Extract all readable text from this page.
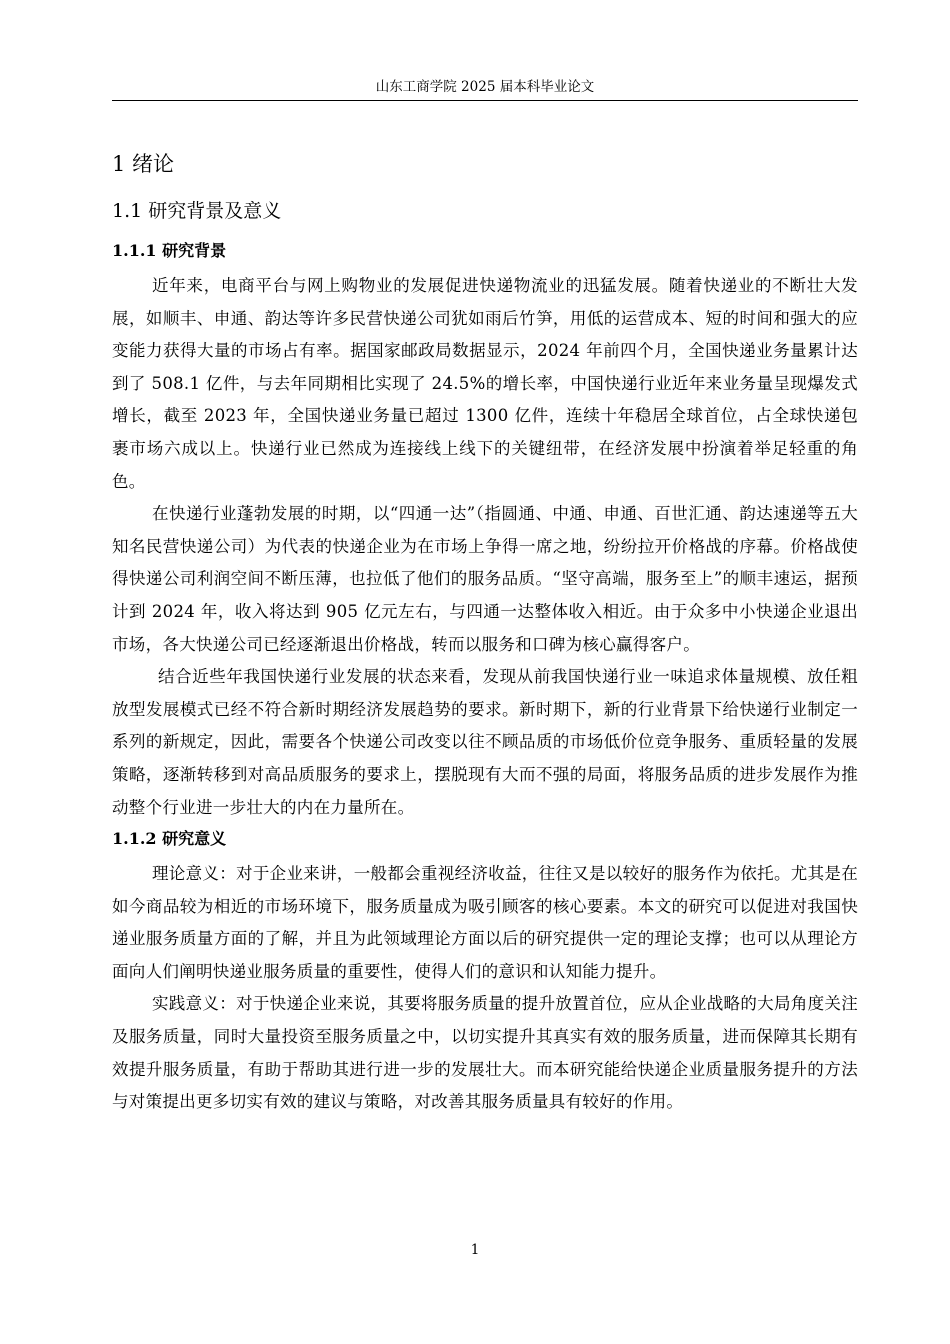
山东工商学院 2025 届本科毕业论文
1 绪论
1.1 研究背景及意义
1.1.1 研究背景

近年来，电商平台与网上购物业的发展促进快递物流业的迅猛发展。随着快递业的不断壮大发展，如顺丰、申通、韵达等许多民营快递公司犹如雨后竹笋，用低的运营成本、短的时间和强大的应变能力获得大量的市场占有率。据国家邮政局数据显示，2024 年前四个月，全国快递业务量累计达到了 508.1 亿件，与去年同期相比实现了 24.5%的增长率，中国快递行业近年来业务量呈现爆发式增长，截至 2023 年，全国快递业务量已超过 1300 亿件，连续十年稳居全球首位，占全球快递包裹市场六成以上。快递行业已然成为连接线上线下的关键纽带，在经济发展中扮演着举足轻重的角色。

在快递行业蓬勃发展的时期，以“四通一达”（指圆通、中通、申通、百世汇通、韵达速递等五大知名民营快递公司）为代表的快递企业为在市场上争得一席之地，纷纷拉开价格战的序幕。价格战使得快递公司利润空间不断压薄，也拉低了他们的服务品质。“坚守高端，服务至上”的顺丰速运，据预计到 2024 年，收入将达到 905 亿元左右，与四通一达整体收入相近。由于众多中小快递企业退出市场，各大快递公司已经逐渐退出价格战，转而以服务和口碑为核心赢得客户。

结合近些年我国快递行业发展的状态来看，发现从前我国快递行业一味追求体量规模、放任粗放型发展模式已经不符合新时期经济发展趋势的要求。新时期下，新的行业背景下给快递行业制定一系列的新规定，因此，需要各个快递公司改变以往不顾品质的市场低价位竞争服务、重质轻量的发展策略，逐渐转移到对高品质服务的要求上，摆脱现有大而不强的局面，将服务品质的进步发展作为推动整个行业进一步壮大的内在力量所在。

1.1.2 研究意义

理论意义：对于企业来讲，一般都会重视经济收益，往往又是以较好的服务作为依托。尤其是在如今商品较为相近的市场环境下，服务质量成为吸引顾客的核心要素。本文的研究可以促进对我国快递业服务质量方面的了解，并且为此领域理论方面以后的研究提供一定的理论支撑；也可以从理论方面向人们阐明快递业服务质量的重要性，使得人们的意识和认知能力提升。

实践意义：对于快递企业来说，其要将服务质量的提升放置首位，应从企业战略的大局角度关注及服务质量，同时大量投资至服务质量之中，以切实提升其真实有效的服务质量，进而保障其长期有效提升服务质量，有助于帮助其进行进一步的发展壮大。而本研究能给快递企业质量服务提升的方法与对策提出更多切实有效的建议与策略，对改善其服务质量具有较好的作用。

1
